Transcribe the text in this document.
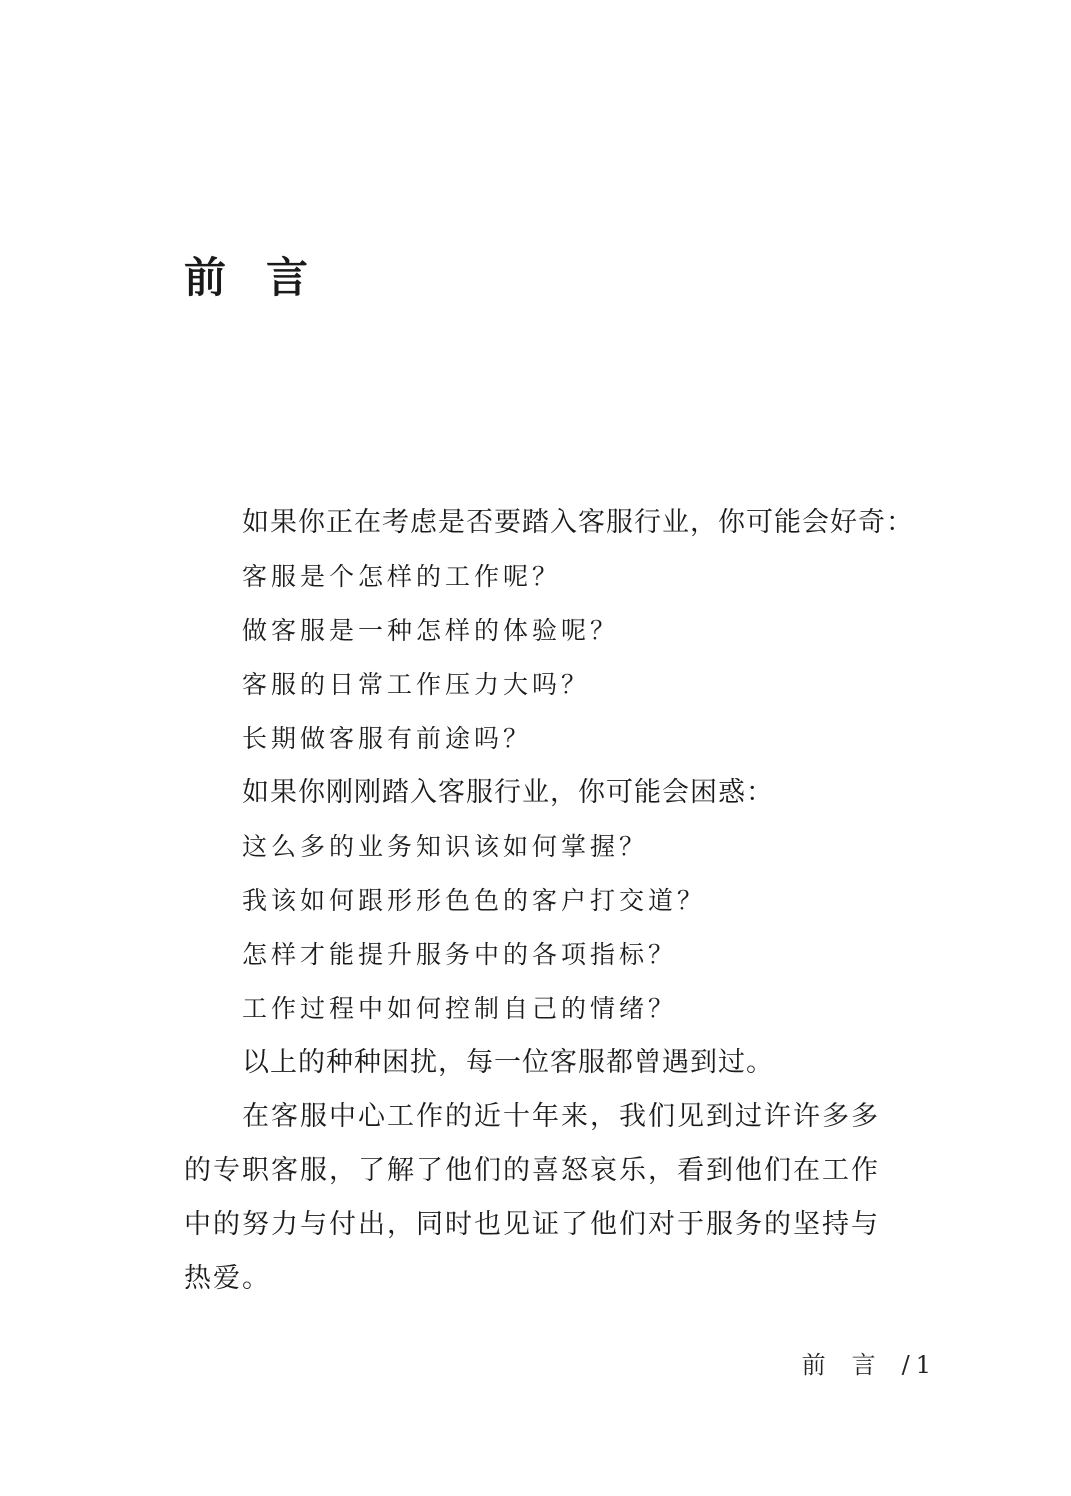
前言
如果你正在考虑是否要踏入客服行业，你可能会好奇：
客服是个怎样的工作呢？
做客服是一种怎样的体验呢？
客服的日常工作压力大吗？
长期做客服有前途吗？
如果你刚刚踏入客服行业，你可能会困惑：
这么多的业务知识该如何掌握？
我该如何跟形形色色的客户打交道？
怎样才能提升服务中的各项指标？
工作过程中如何控制自己的情绪？
以上的种种困扰，每一位客服都曾遇到过。
在客服中心工作的近十年来，我们见到过许许多多
的专职客服，了解了他们的喜怒哀乐，看到他们在工作
中的努力与付出，同时也见证了他们对于服务的坚持与
热爱。
前言/ 1
